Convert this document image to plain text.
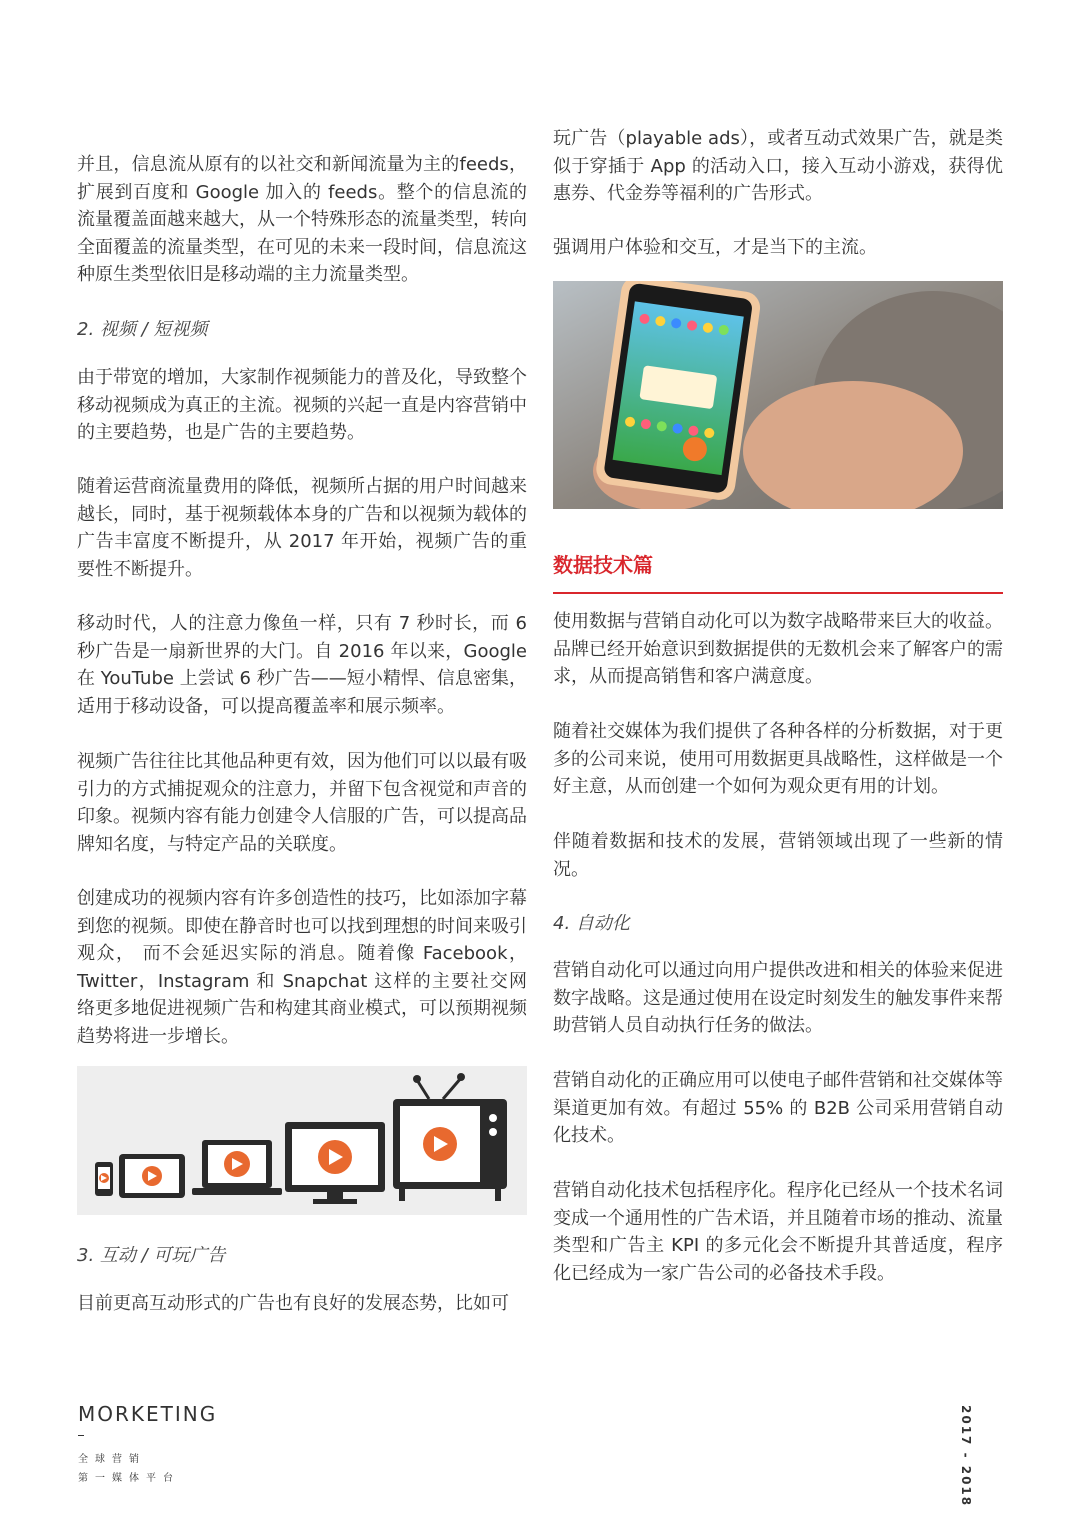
并且，信息流从原有的以社交和新闻流量为主的feeds，扩展到百度和 Google 加入的 feeds。整个的信息流的流量覆盖面越来越大，从一个特殊形态的流量类型，转向全面覆盖的流量类型，在可见的未来一段时间，信息流这种原生类型依旧是移动端的主力流量类型。

2. 视频 / 短视频

由于带宽的增加，大家制作视频能力的普及化，导致整个移动视频成为真正的主流。视频的兴起一直是内容营销中的主要趋势，也是广告的主要趋势。

随着运营商流量费用的降低，视频所占据的用户时间越来越长，同时，基于视频载体本身的广告和以视频为载体的广告丰富度不断提升，从 2017 年开始，视频广告的重要性不断提升。

移动时代，人的注意力像鱼一样，只有 7 秒时长，而 6 秒广告是一扇新世界的大门。自 2016 年以来，Google 在 YouTube 上尝试 6 秒广告——短小精悍、信息密集，适用于移动设备，可以提高覆盖率和展示频率。

视频广告往往比其他品种更有效，因为他们可以以最有吸引力的方式捕捉观众的注意力，并留下包含视觉和声音的印象。视频内容有能力创建令人信服的广告，可以提高品牌知名度，与特定产品的关联度。

创建成功的视频内容有许多创造性的技巧，比如添加字幕到您的视频。即使在静音时也可以找到理想的时间来吸引观众， 而不会延迟实际的消息。随着像 Facebook，Twitter，Instagram 和 Snapchat 这样的主要社交网络更多地促进视频广告和构建其商业模式，可以预期视频趋势将进一步增长。

3. 互动 / 可玩广告

目前更高互动形式的广告也有良好的发展态势，比如可

玩广告（playable ads），或者互动式效果广告，就是类似于穿插于 App 的活动入口，接入互动小游戏，获得优惠券、代金券等福利的广告形式。

强调用户体验和交互，才是当下的主流。

数据技术篇

使用数据与营销自动化可以为数字战略带来巨大的收益。品牌已经开始意识到数据提供的无数机会来了解客户的需求，从而提高销售和客户满意度。

随着社交媒体为我们提供了各种各样的分析数据，对于更多的公司来说，使用可用数据更具战略性，这样做是一个好主意，从而创建一个如何为观众更有用的计划。

伴随着数据和技术的发展，营销领域出现了一些新的情况。

4. 自动化

营销自动化可以通过向用户提供改进和相关的体验来促进数字战略。这是通过使用在设定时刻发生的触发事件来帮助营销人员自动执行任务的做法。

营销自动化的正确应用可以使电子邮件营销和社交媒体等渠道更加有效。有超过 55% 的 B2B 公司采用营销自动化技术。

营销自动化技术包括程序化。程序化已经从一个技术名词变成一个通用性的广告术语，并且随着市场的推动、流量类型和广告主 KPI 的多元化会不断提升其普适度，程序化已经成为一家广告公司的必备技术手段。

MORKETING

全球营销

第一媒体平台	2017 - 2018
